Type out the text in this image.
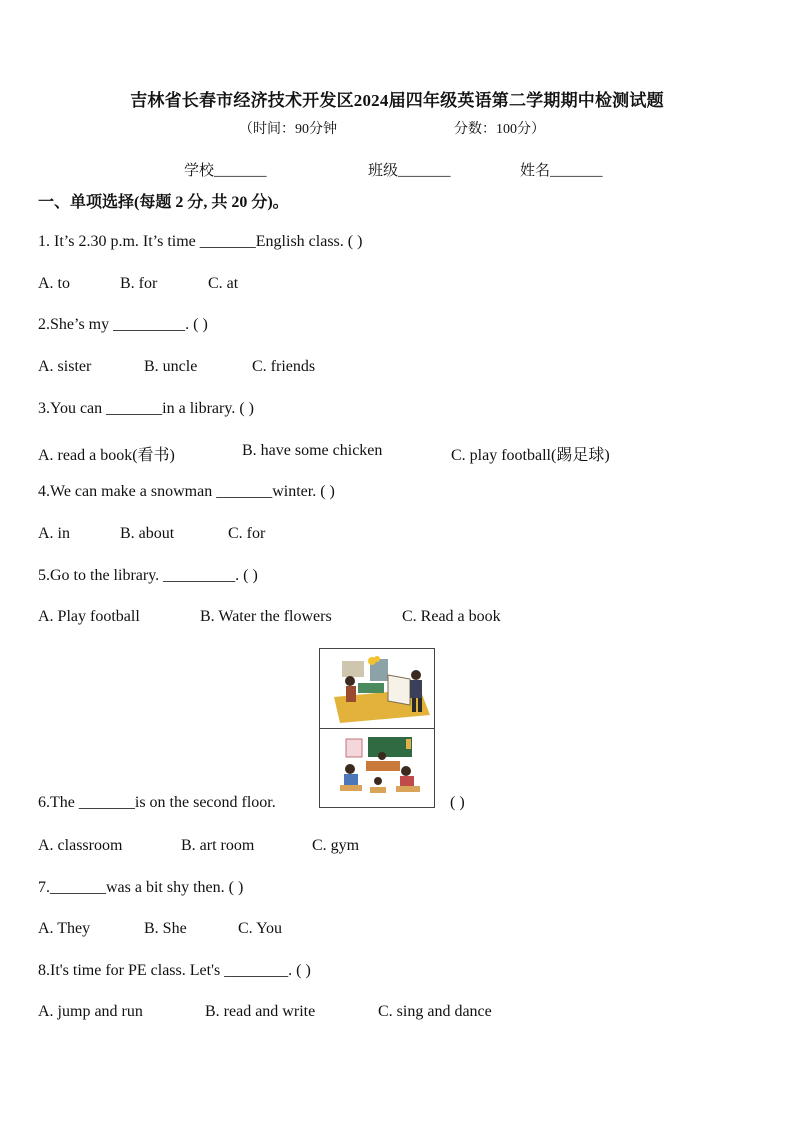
吉林省长春市经济技术开发区2024届四年级英语第二学期期中检测试题
（时间：90分钟	分数：100分）
学校_______	班级_______	姓名_______
一、单项选择(每题 2 分, 共 20 分)。
1. It’s 2.30 p.m. It’s time _______English class. ( )
A. to	B. for	C. at
2.She’s my _________. ( )
A. sister	B. uncle	C. friends
3.You can _______in a library. ( )
A. read a book(看书)	B. have some chicken	C. play football(踢足球)
4.We can make a snowman _______winter. ( )
A. in	B. about	C. for
5.Go to the library. _________. ( )
A. Play football	B. Water the flowers	C. Read a book
6.The _______is on the second floor.	( )
A. classroom	B. art room	C. gym
7._______was a bit shy then. ( )
A. They	B. She	C. You
8.It's time for PE class. Let's ________. ( )
A. jump and run	B. read and write	C. sing and dance
